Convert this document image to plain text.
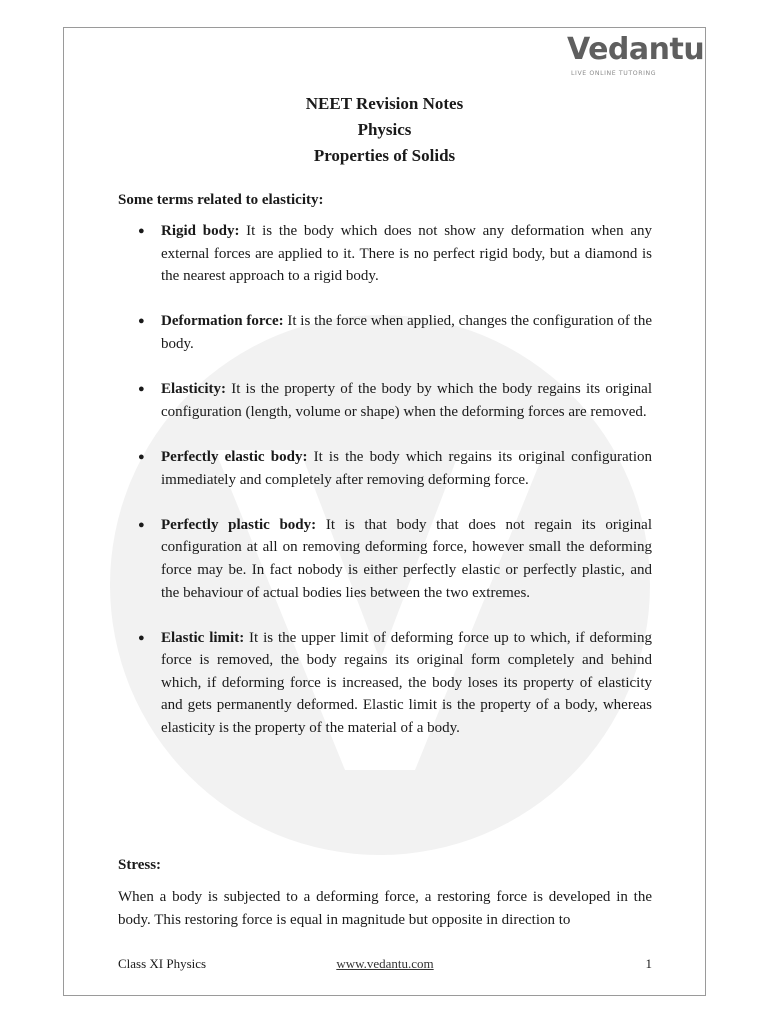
Vedantu
LIVE ONLINE TUTORING
NEET Revision Notes
Physics
Properties of Solids
Some terms related to elasticity:
● Rigid body: It is the body which does not show any deformation when any external forces are applied to it. There is no perfect rigid body, but a diamond is the nearest approach to a rigid body.
● Deformation force: It is the force when applied, changes the configuration of the body.
● Elasticity: It is the property of the body by which the body regains its original configuration (length, volume or shape) when the deforming forces are removed.
● Perfectly elastic body: It is the body which regains its original configuration immediately and completely after removing deforming force.
● Perfectly plastic body: It is that body that does not regain its original configuration at all on removing deforming force, however small the deforming force may be. In fact nobody is either perfectly elastic or perfectly plastic, and the behaviour of actual bodies lies between the two extremes.
● Elastic limit: It is the upper limit of deforming force up to which, if deforming force is removed, the body regains its original form completely and behind which, if deforming force is increased, the body loses its property of elasticity and gets permanently deformed. Elastic limit is the property of a body, whereas elasticity is the property of the material of a body.
Stress:
When a body is subjected to a deforming force, a restoring force is developed in the body. This restoring force is equal in magnitude but opposite in direction to
Class XI Physics	www.vedantu.com	1
